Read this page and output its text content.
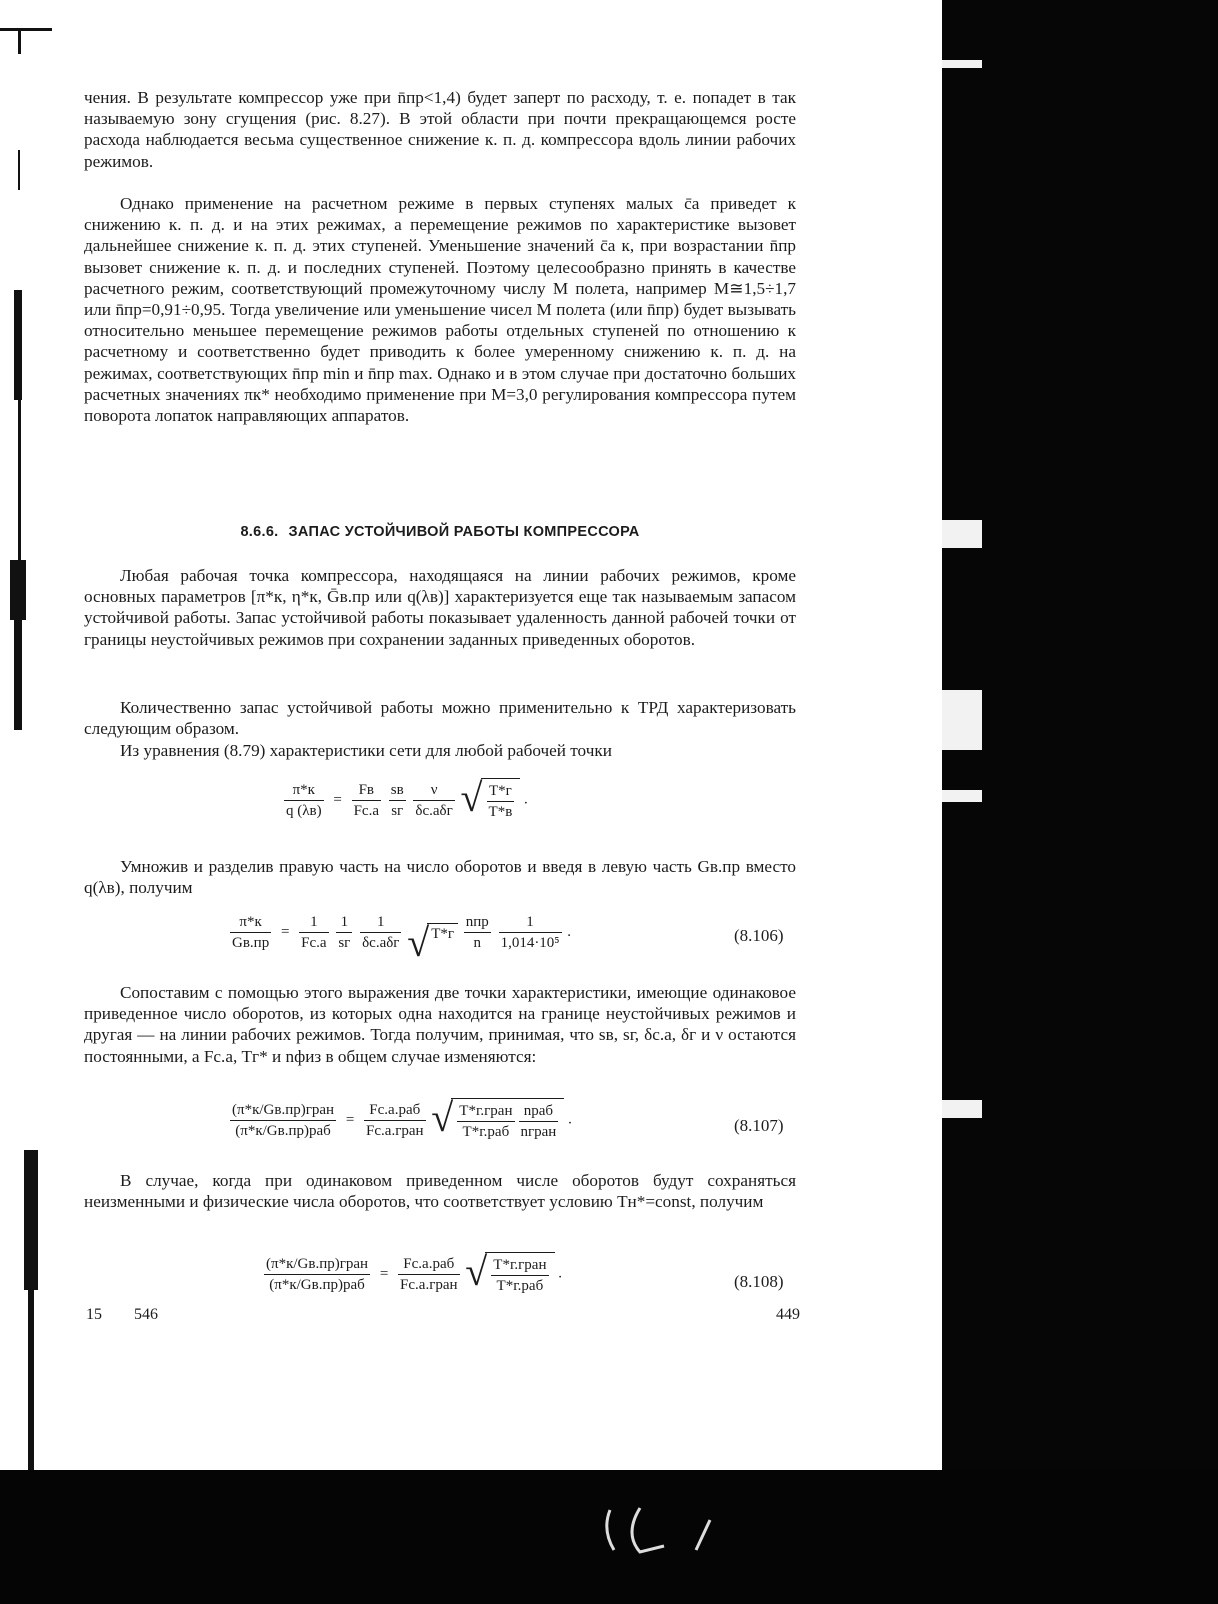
чения. В результате компрессор уже при n̄пр<1,4) будет заперт по расходу, т. е. попадет в так называемую зону сгущения (рис. 8.27). В этой области при почти прекращающемся росте расхода наблюдается весьма существенное снижение к. п. д. компрессора вдоль линии рабочих режимов.

Однако применение на расчетном режиме в первых ступенях малых c̄a приведет к снижению к. п. д. и на этих режимах, а перемещение режимов по характеристике вызовет дальнейшее снижение к. п. д. этих ступеней. Уменьшение значений c̄a к, при возрастании n̄пр вызовет снижение к. п. д. и последних ступеней. Поэтому целесообразно принять в качестве расчетного режим, соответствующий промежуточному числу М полета, например М≅1,5÷1,7 или n̄пр=0,91÷0,95. Тогда увеличение или уменьшение чисел М полета (или n̄пр) будет вызывать относительно меньшее перемещение режимов работы отдельных ступеней по отношению к расчетному и соответственно будет приводить к более умеренному снижению к. п. д. на режимах, соответствующих n̄пр min и n̄пр max. Однако и в этом случае при достаточно больших расчетных значениях πк* необходимо применение при М=3,0 регулирования компрессора путем поворота лопаток направляющих аппаратов.

8.6.6. ЗАПАС УСТОЙЧИВОЙ РАБОТЫ КОМПРЕССОРА

Любая рабочая точка компрессора, находящаяся на линии рабочих режимов, кроме основных параметров [π*к, η*к, Ḡв.пр или q(λв)] характеризуется еще так называемым запасом устойчивой работы. Запас устойчивой работы показывает удаленность данной рабочей точки от границы неустойчивых режимов при сохранении заданных приведенных оборотов.

Количественно запас устойчивой работы можно применительно к ТРД характеризовать следующим образом.

Из уравнения (8.79) характеристики сети для любой рабочей точки

$\frac{\pi*к}{q (\lambda в)} = \frac{Fв}{Fс.а}$
$\frac{sв}{sг}$
$\frac{\nu}{\text{δс.аδг}}$
√ $\frac{T*г}{T*в}$ .

Умножив и разделив правую часть на число оборотов и введя в левую часть Gв.пр вместо q(λв), получим

$\frac{\pi*к}{Gв.пр} = \frac{1}{Fс.а}$
$\frac{1}{sг}$
$\frac{1}{\text{δс.аδг}}$
√ $T*г \frac{\text{nпр}}{n}$
$\frac{1}{\text{1,014·10⁵}}$ .	(8.106)

Сопоставим с помощью этого выражения две точки характеристики, имеющие одинаковое приведенное число оборотов, из которых одна находится на границе неустойчивых режимов и другая — на линии рабочих режимов. Тогда получим, принимая, что sв, sг, δс.а, δг и ν остаются постоянными, а Fс.а, Tг* и nфиз в общем случае изменяются:

$\frac{\text{(π*к/Gв.пр)гран}}{\text{(π*к/Gв.пр)раб}} = \frac{\text{Fс.а.раб}}{\text{Fс.а.гран}}$
√ $\frac{\text{T*г.гран}}{\text{T*г.раб}} \frac{\text{nраб}}{\text{nгран}}$ .	(8.107)

В случае, когда при одинаковом приведенном числе оборотов будут сохраняться неизменными и физические числа оборотов, что соответствует условию Tн*=const, получим

$\frac{\text{(π*к/Gв.пр)гран}}{\text{(π*к/Gв.пр)раб}} = \frac{\text{Fс.а.раб}}{\text{Fс.а.гран}}$
√ $\frac{\text{T*г.гран}}{\text{T*г.раб}}$ .	(8.108)
15 546	449
